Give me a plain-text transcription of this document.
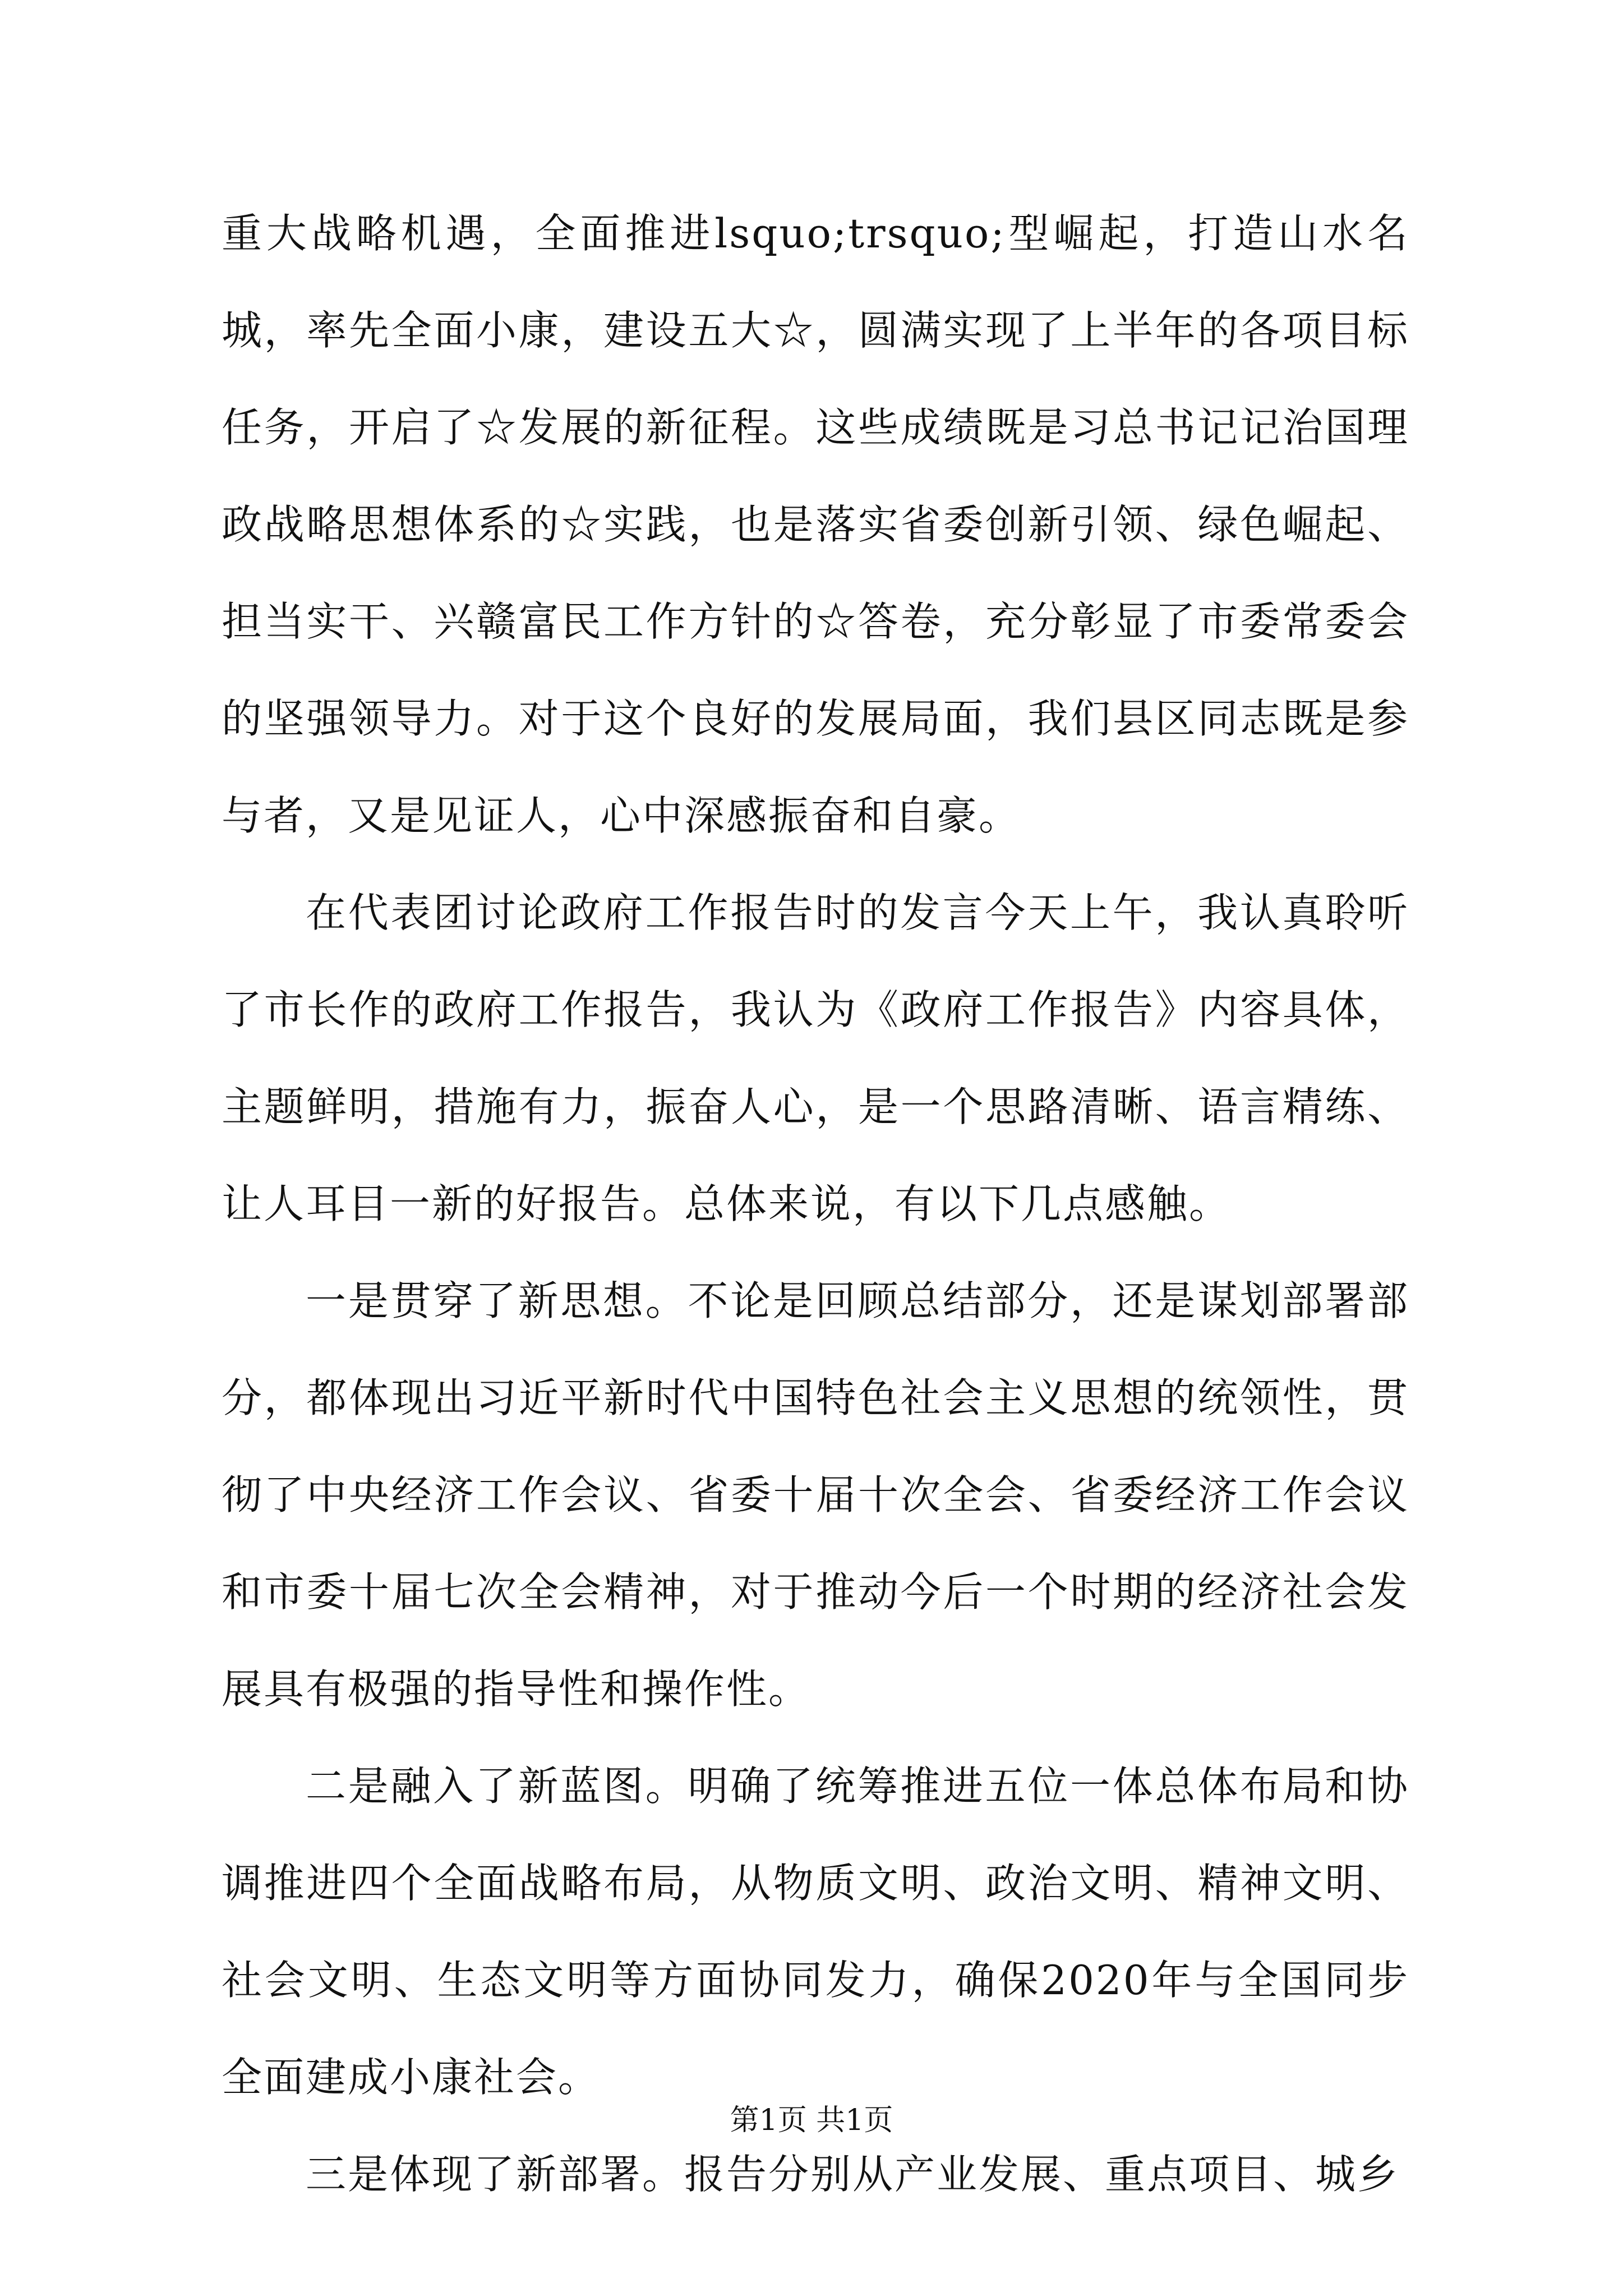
重大战略机遇，全面推进lsquo;trsquo;型崛起，打造山水名城，率先全面小康，建设五大☆，圆满实现了上半年的各项目标任务，开启了☆发展的新征程。这些成绩既是习总书记记治国理政战略思想体系的☆实践，也是落实省委创新引领、绿色崛起、担当实干、兴赣富民工作方针的☆答卷，充分彰显了市委常委会的坚强领导力。对于这个良好的发展局面，我们县区同志既是参与者，又是见证人，心中深感振奋和自豪。

在代表团讨论政府工作报告时的发言今天上午，我认真聆听了市长作的政府工作报告，我认为《政府工作报告》内容具体，主题鲜明，措施有力，振奋人心，是一个思路清晰、语言精练、让人耳目一新的好报告。总体来说，有以下几点感触。

一是贯穿了新思想。不论是回顾总结部分，还是谋划部署部分，都体现出习近平新时代中国特色社会主义思想的统领性，贯彻了中央经济工作会议、省委十届十次全会、省委经济工作会议和市委十届七次全会精神，对于推动今后一个时期的经济社会发展具有极强的指导性和操作性。

二是融入了新蓝图。明确了统筹推进五位一体总体布局和协调推进四个全面战略布局，从物质文明、政治文明、精神文明、社会文明、生态文明等方面协同发力，确保2020年与全国同步全面建成小康社会。

三是体现了新部署。报告分别从产业发展、重点项目、城乡

第1页 共1页
